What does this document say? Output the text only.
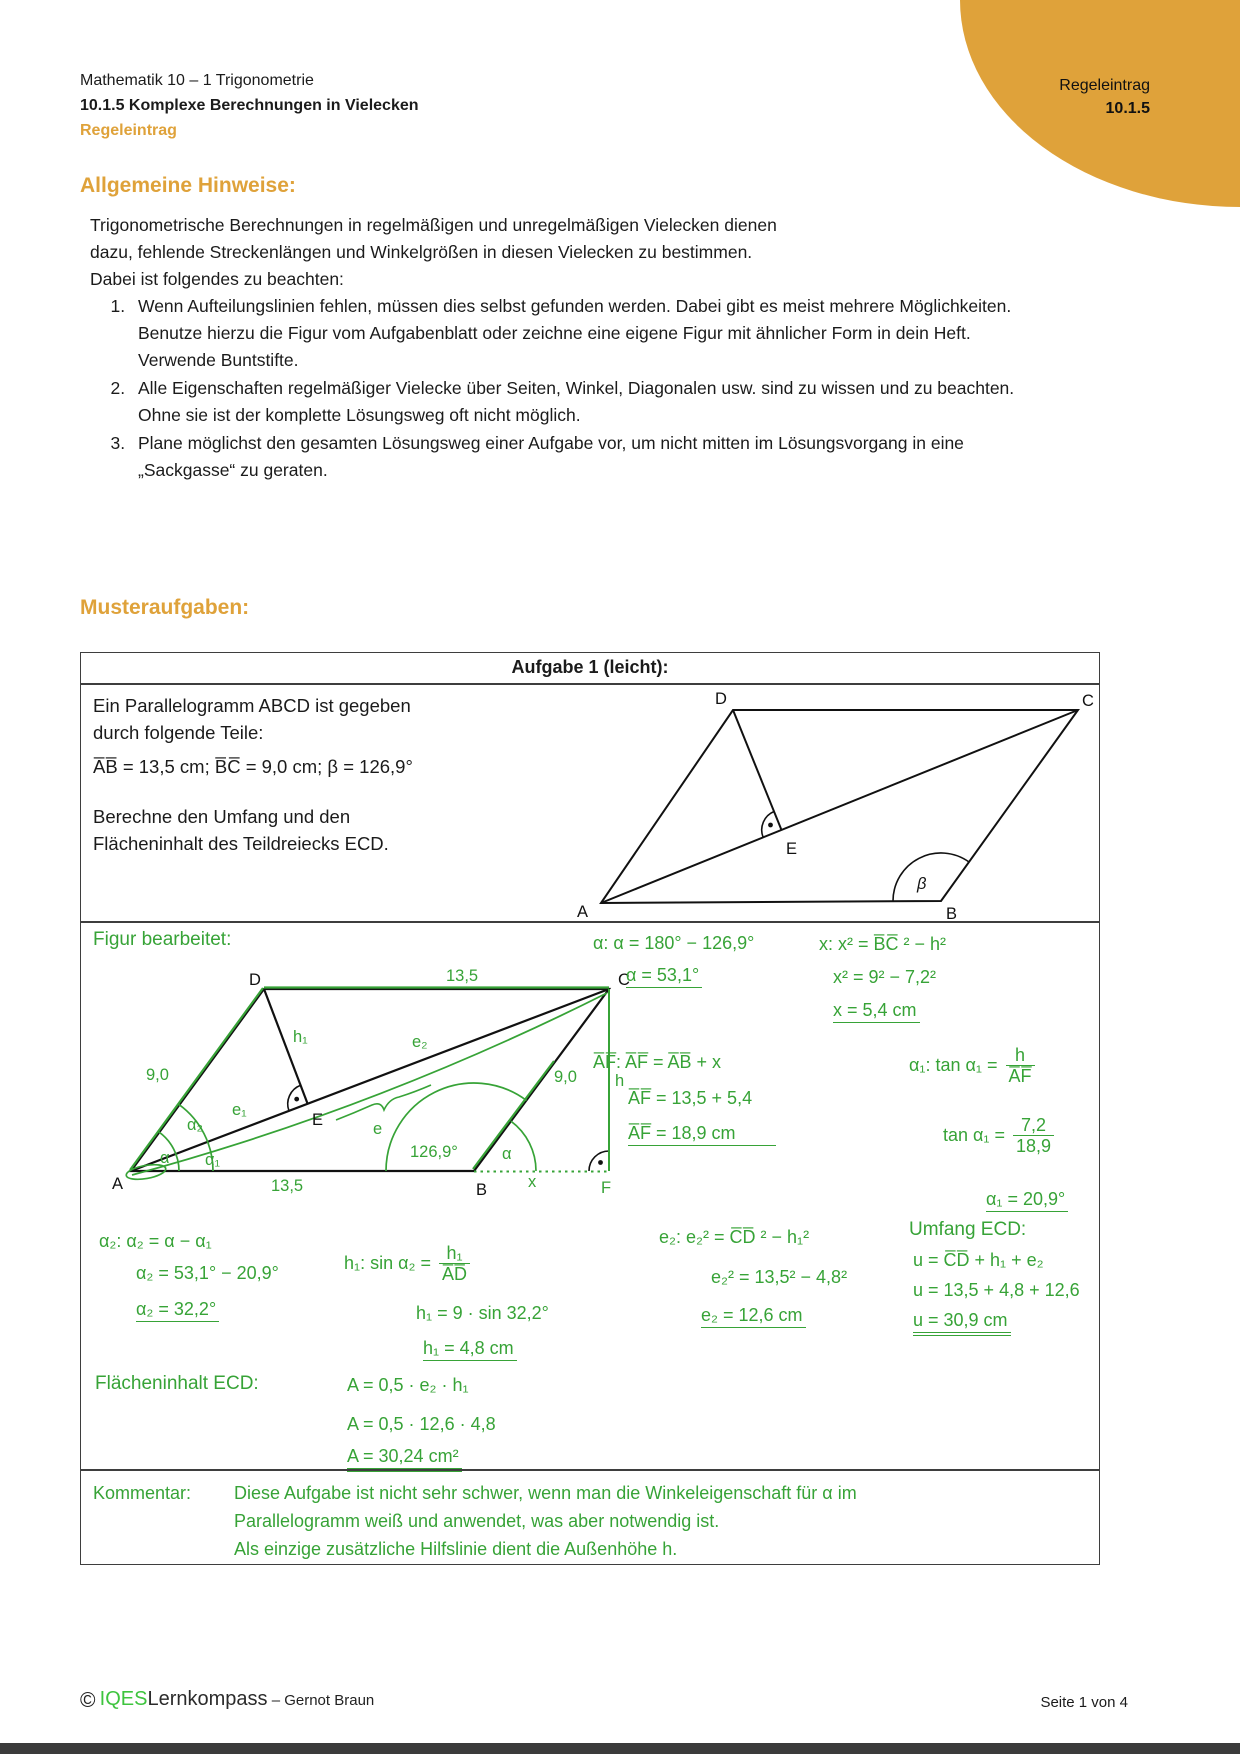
Regeleintrag
10.1.5
Mathematik 10 – 1 Trigonometrie
10.1.5 Komplexe Berechnungen in Vielecken
Regeleintrag
Allgemeine Hinweise:
Trigonometrische Berechnungen in regelmäßigen und unregelmäßigen Vielecken dienen
dazu, fehlende Streckenlängen und Winkelgrößen in diesen Vielecken zu bestimmen.
Dabei ist folgendes zu beachten:
1. Wenn Aufteilungslinien fehlen, müssen dies selbst gefunden werden. Dabei gibt es meist mehrere Möglichkeiten. Benutze hierzu die Figur vom Aufgabenblatt oder zeichne eine eigene Figur mit ähnlicher Form in dein Heft. Verwende Buntstifte.
2. Alle Eigenschaften regelmäßiger Vielecke über Seiten, Winkel, Diagonalen usw. sind zu wissen und zu beachten. Ohne sie ist der komplette Lösungsweg oft nicht möglich.
3. Plane möglichst den gesamten Lösungsweg einer Aufgabe vor, um nicht mitten im Lösungsvorgang in eine „Sackgasse“ zu geraten.
Musteraufgaben:
Aufgabe 1 (leicht):
Ein Parallelogramm ABCD ist gegeben
durch folgende Teile:
A̅B̅ = 13,5 cm; B̅C̅ = 9,0 cm; β = 126,9°
Berechne den Umfang und den
Flächeninhalt des Teildreiecks ECD.
D	C
A	B
E
β
Figur bearbeitet:
D	C
A	B
E
F
13,5
13,5
9,0	9,0
h₁
e₁
e₂
e
h
x
α₂
α α₁	126,9°	α
α: α = 180° − 126,9°
α = 53,1°
x: x² = B̅C̅ ² − h²
x² = 9² − 7,2²
x = 5,4 cm
A̅F̅: A̅F̅ = A̅B̅ + x
A̅F̅ = 13,5 + 5,4
A̅F̅ = 18,9 cm
α₁: $\tan \alpha_1 = \frac{h}{A̅F̅}$
$\tan \alpha_1 = \frac{7,2}{18,9}$
α₁ = 20,9°
Umfang ECD:
u = C̅D̅ + h₁ + e₂
u = 13,5 + 4,8 + 12,6
u = 30,9 cm
α₂: α₂ = α − α₁
α₂ = 53,1° − 20,9°
α₂ = 32,2°
h₁: $\sin \alpha_2 = \frac{\text{h₁}}{A̅D̅}$
h₁ = 9 · sin 32,2°
h₁ = 4,8 cm
e₂: e₂² = C̅D̅ ² − h₁²
e₂² = 13,5² − 4,8²
e₂ = 12,6 cm
Flächeninhalt ECD:	A = 0,5 · e₂ · h₁
A = 0,5 · 12,6 · 4,8
A = 30,24 cm²
Kommentar: Diese Aufgabe ist nicht sehr schwer, wenn man die Winkeleigenschaft für α im
Parallelogramm weiß und anwendet, was aber notwendig ist.
Als einzige zusätzliche Hilfslinie dient die Außenhöhe h.
© IQESLernkompass – Gernot Braun	Seite 1 von 4
